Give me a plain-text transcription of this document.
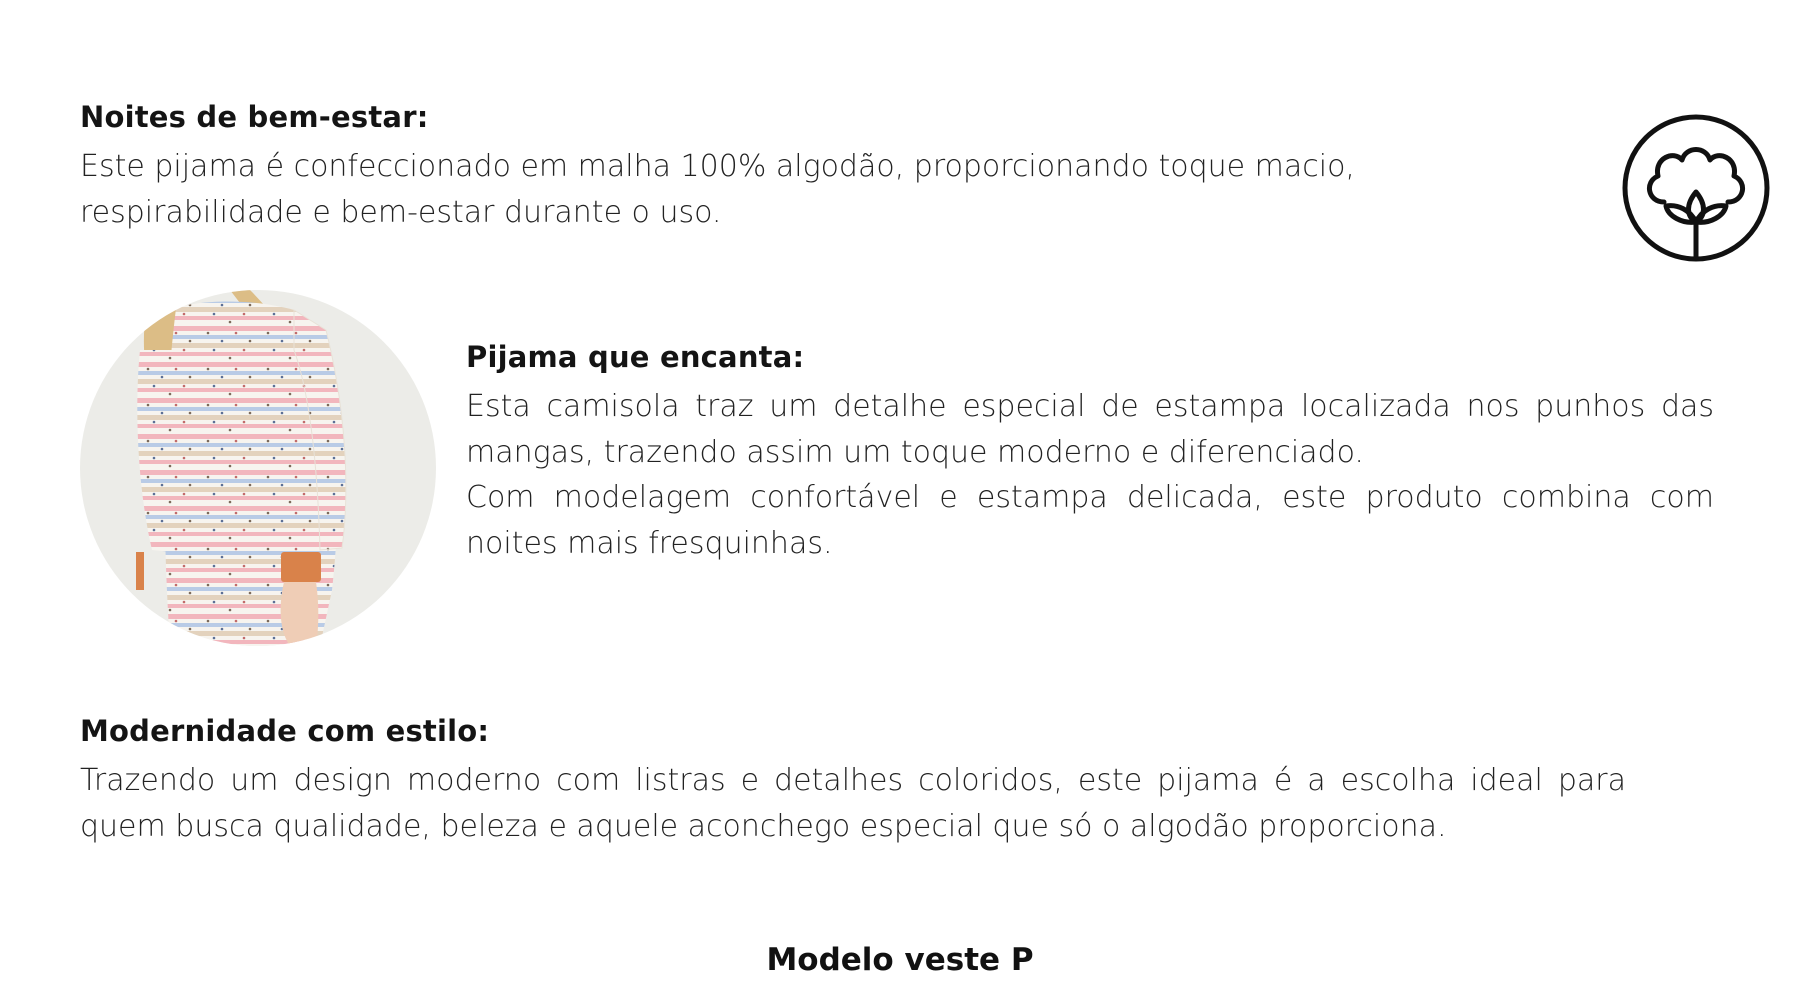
Noites de bem-estar:

Este pijama é confeccionado em malha 100% algodão, proporcionando toque macio, respirabilidade e bem-estar durante o uso.

Pijama que encanta:

Esta camisola traz um detalhe especial de estampa localizada nos punhos das mangas, trazendo assim um toque moderno e diferenciado.

Com modelagem confortável e estampa delicada, este produto combina com noites mais fresquinhas.

Modernidade com estilo:

Trazendo um design moderno com listras e detalhes coloridos, este pijama é a escolha ideal para quem busca qualidade, beleza e aquele aconchego especial que só o algodão proporciona.

Modelo veste P
